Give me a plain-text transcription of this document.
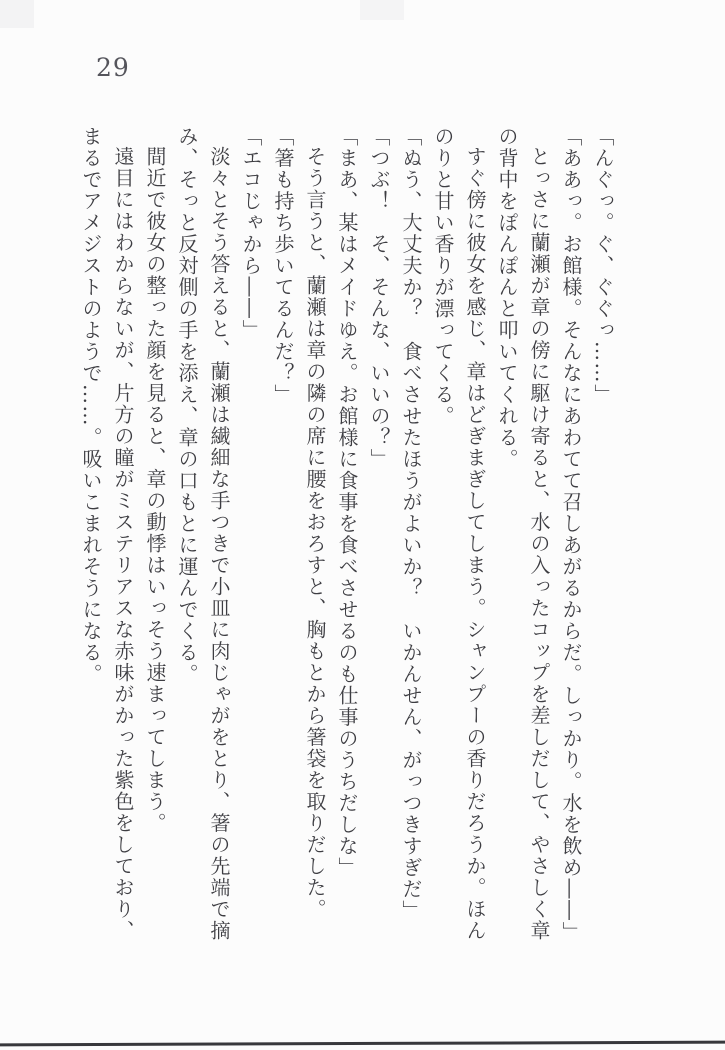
29

「んぐっ。ぐ、ぐぐっ……」

「ああっ。お館様。そんなにあわてて召しあがるからだ。しっかり。水を飲め――」

とっさに蘭瀬が章の傍に駆け寄ると、水の入ったコップを差しだして、やさしく章の背中をぽんぽんと叩いてくれる。

すぐ傍に彼女を感じ、章はどぎまぎしてしまう。シャンプーの香りだろうか。ほんのりと甘い香りが漂ってくる。

「ぬう、大丈夫か？　食べさせたほうがよいか？　いかんせん、がっつきすぎだ」

「つぶ！　そ、そんな、いいの？」

「まあ、某はメイドゆえ。お館様に食事を食べさせるのも仕事のうちだしな」

そう言うと、蘭瀬は章の隣の席に腰をおろすと、胸もとから箸袋を取りだした。

「箸も持ち歩いてるんだ？」

「エコじゃから――」

淡々とそう答えると、蘭瀬は繊細な手つきで小皿に肉じゃがをとり、箸の先端で摘み、そっと反対側の手を添え、章の口もとに運んでくる。

間近で彼女の整った顔を見ると、章の動悸はいっそう速まってしまう。

遠目にはわからないが、片方の瞳がミステリアスな赤味がかった紫色をしており、まるでアメジストのようで……。吸いこまれそうになる。
